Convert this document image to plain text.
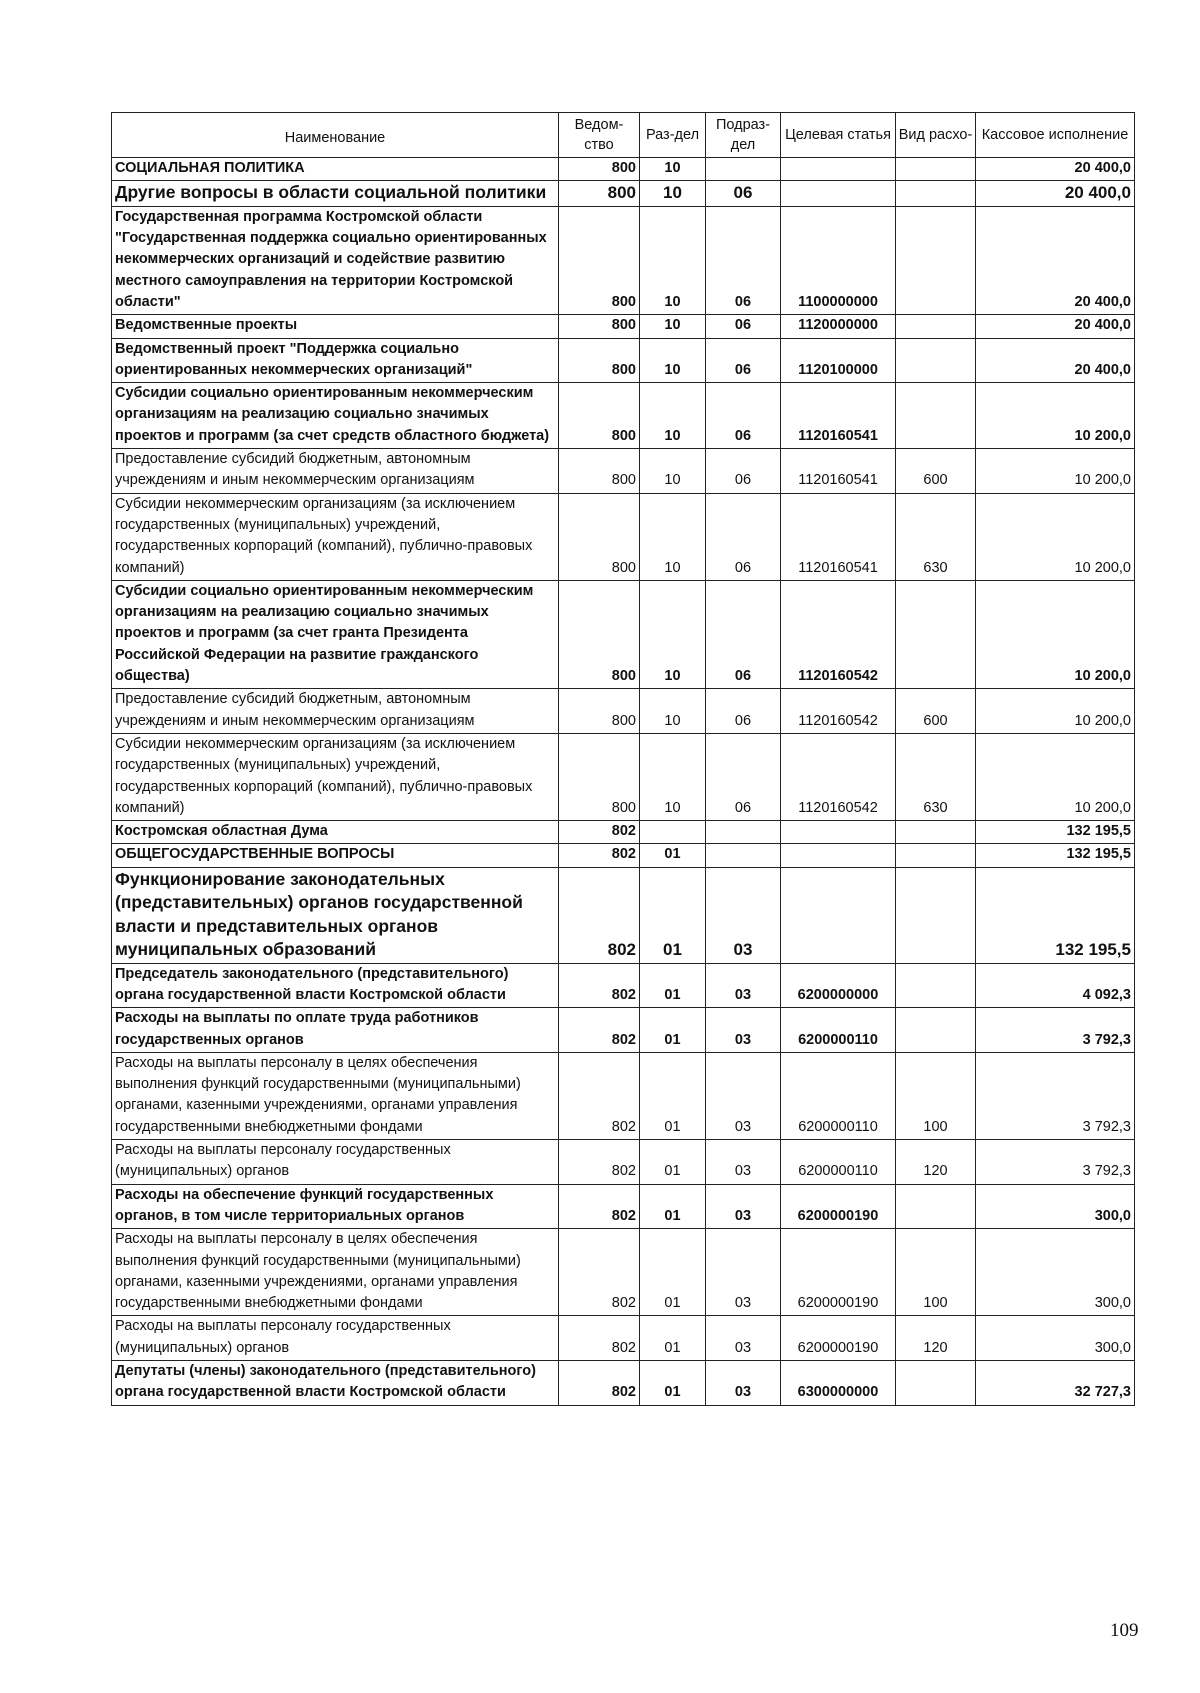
Наименование	Ведом-ство	Раз-дел	Подраз-дел	Целевая статья	Вид расхо-	Кассовое исполнение
СОЦИАЛЬНАЯ ПОЛИТИКА	800	10				20 400,0
Другие вопросы в области социальной политики	800	10	06			20 400,0
Государственная программа Костромской области "Государственная поддержка социально ориентированных некоммерческих организаций и содействие развитию местного самоуправления на территории Костромской области"	800	10	06	1100000000		20 400,0
Ведомственные проекты	800	10	06	1120000000		20 400,0
Ведомственный проект "Поддержка социально ориентированных некоммерческих организаций"	800	10	06	1120100000		20 400,0
Субсидии социально ориентированным некоммерческим организациям на реализацию социально значимых проектов и программ (за счет средств областного бюджета)	800	10	06	1120160541		10 200,0
Предоставление субсидий бюджетным, автономным учреждениям и иным некоммерческим организациям	800	10	06	1120160541	600	10 200,0
Субсидии некоммерческим организациям (за исключением государственных (муниципальных) учреждений, государственных корпораций (компаний), публично-правовых компаний)	800	10	06	1120160541	630	10 200,0
Субсидии социально ориентированным некоммерческим организациям на реализацию социально значимых проектов и программ (за счет гранта Президента Российской Федерации на развитие гражданского общества)	800	10	06	1120160542		10 200,0
Предоставление субсидий бюджетным, автономным учреждениям и иным некоммерческим организациям	800	10	06	1120160542	600	10 200,0
Субсидии некоммерческим организациям (за исключением государственных (муниципальных) учреждений, государственных корпораций (компаний), публично-правовых компаний)	800	10	06	1120160542	630	10 200,0
Костромская областная Дума	802					132 195,5
ОБЩЕГОСУДАРСТВЕННЫЕ ВОПРОСЫ	802	01				132 195,5
Функционирование законодательных (представительных) органов государственной власти и представительных органов муниципальных образований	802	01	03			132 195,5
Председатель законодательного (представительного) органа государственной власти Костромской области	802	01	03	6200000000		4 092,3
Расходы на выплаты по оплате труда работников государственных органов	802	01	03	6200000110		3 792,3
Расходы на выплаты персоналу в целях обеспечения выполнения функций государственными (муниципальными) органами, казенными учреждениями, органами управления государственными внебюджетными фондами	802	01	03	6200000110	100	3 792,3
Расходы на выплаты персоналу государственных (муниципальных) органов	802	01	03	6200000110	120	3 792,3
Расходы на обеспечение функций государственных органов, в том числе территориальных органов	802	01	03	6200000190		300,0
Расходы на выплаты персоналу в целях обеспечения выполнения функций государственными (муниципальными) органами, казенными учреждениями, органами управления государственными внебюджетными фондами	802	01	03	6200000190	100	300,0
Расходы на выплаты персоналу государственных (муниципальных) органов	802	01	03	6200000190	120	300,0
Депутаты (члены) законодательного (представительного) органа государственной власти Костромской области	802	01	03	6300000000		32 727,3
109
